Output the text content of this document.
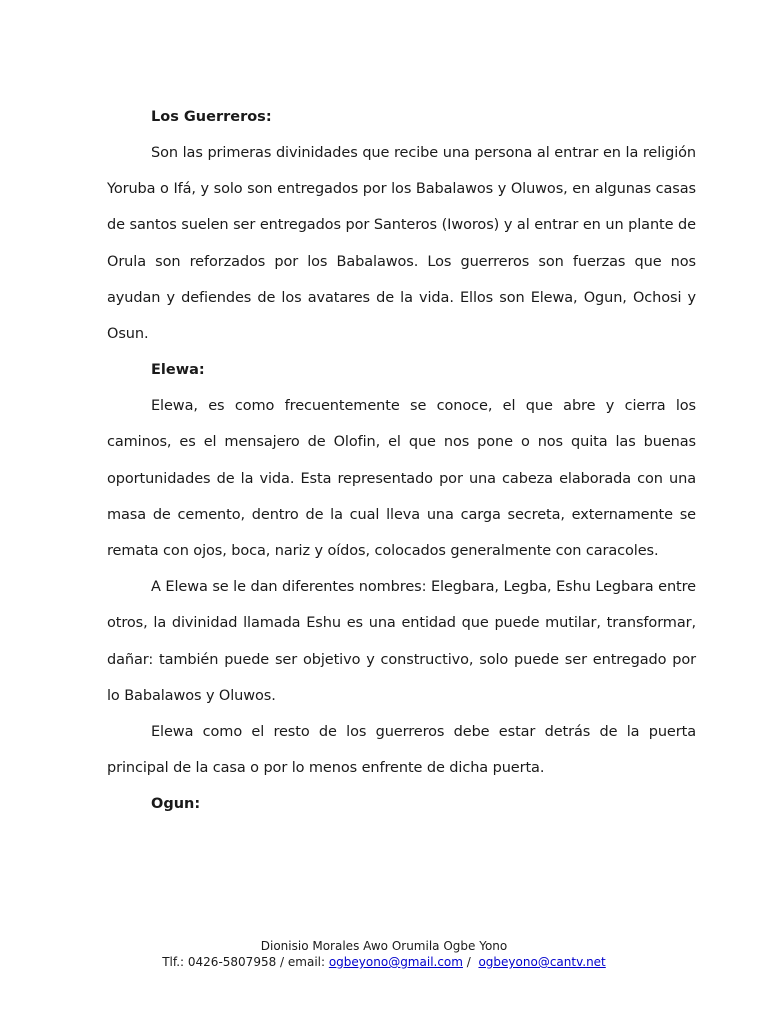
Los Guerreros:

Son las primeras divinidades que recibe una persona al entrar en la religión Yoruba o Ifá, y solo son entregados por los Babalawos y Oluwos, en algunas casas de santos suelen ser entregados por Santeros (Iworos) y al entrar en un plante de Orula son reforzados por los Babalawos. Los guerreros son fuerzas que nos ayudan y defiendes de los avatares de la vida. Ellos son Elewa, Ogun, Ochosi y Osun.

Elewa:

Elewa, es como frecuentemente se conoce, el que abre y cierra los caminos, es el mensajero de Olofin, el que nos pone o nos quita las buenas oportunidades de la vida. Esta representado por una cabeza elaborada con una masa de cemento, dentro de la cual lleva una carga secreta, externamente se remata con ojos, boca, nariz y oídos, colocados generalmente con caracoles.

A Elewa se le dan diferentes nombres: Elegbara, Legba, Eshu Legbara entre otros, la divinidad llamada Eshu es una entidad que puede mutilar, transformar, dañar: también puede ser objetivo y constructivo, solo puede ser entregado por lo Babalawos y Oluwos.

Elewa como el resto de los guerreros debe estar detrás de la puerta principal de la casa o por lo menos enfrente de dicha puerta.

Ogun:

Dionisio Morales Awo Orumila Ogbe Yono
Tlf.: 0426-5807958 / email: ogbeyono@gmail.com /  ogbeyono@cantv.net
